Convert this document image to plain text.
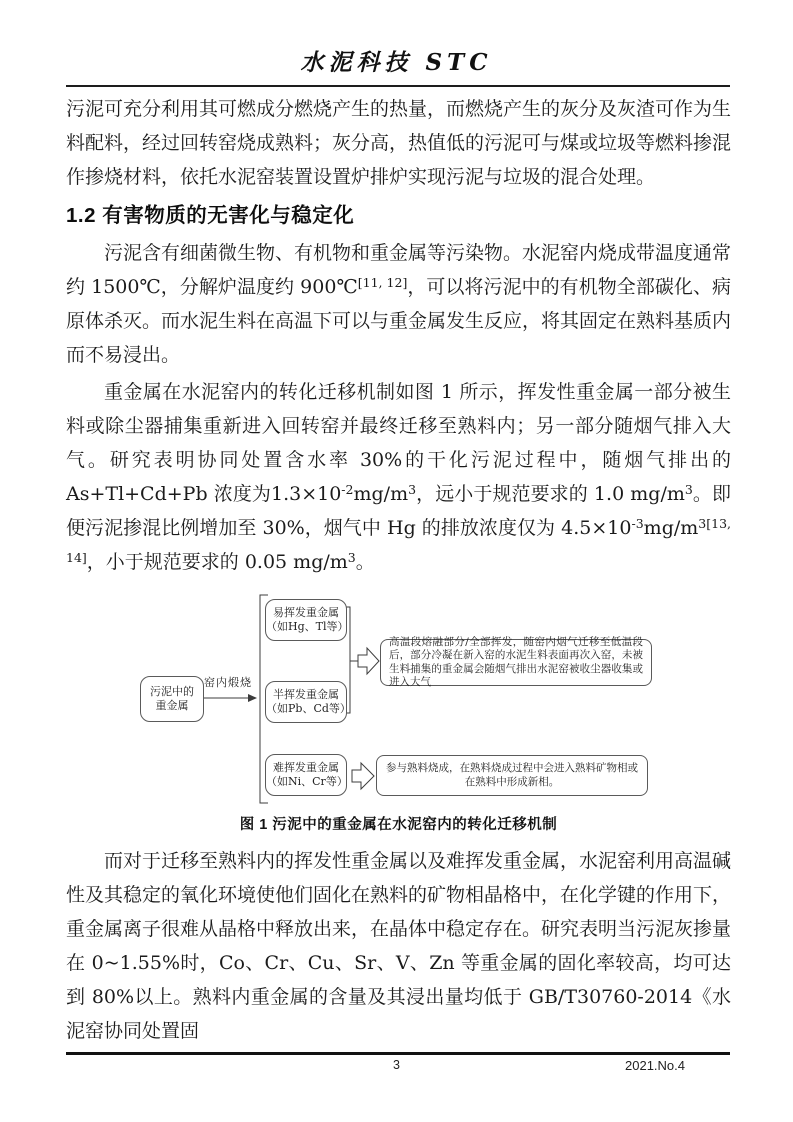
水泥科技 STC

污泥可充分利用其可燃成分燃烧产生的热量，而燃烧产生的灰分及灰渣可作为生料配料，经过回转窑烧成熟料；灰分高，热值低的污泥可与煤或垃圾等燃料掺混作掺烧材料，依托水泥窑装置设置炉排炉实现污泥与垃圾的混合处理。

1.2 有害物质的无害化与稳定化

污泥含有细菌微生物、有机物和重金属等污染物。水泥窑内烧成带温度通常约 1500℃，分解炉温度约 900℃[11, 12]，可以将污泥中的有机物全部碳化、病原体杀灭。而水泥生料在高温下可以与重金属发生反应，将其固定在熟料基质内而不易浸出。

重金属在水泥窑内的转化迁移机制如图 1 所示，挥发性重金属一部分被生料或除尘器捕集重新进入回转窑并最终迁移至熟料内；另一部分随烟气排入大气。研究表明协同处置含水率 30%的干化污泥过程中，随烟气排出的 As+Tl+Cd+Pb 浓度为$1.3\times 10^{-2}mg/m^3$，远小于规范要求的 1.0 $mg/m^3$。即便污泥掺混比例增加至 30%，烟气中 Hg 的排放浓度仅为 $4.5\times 10^{-3}mg/m^{3[13, 14]}$，小于规范要求的 0.05 $mg/m^3$。

污泥中的
重金属
窑内煅烧
易挥发重金属
（如Hg、Tl等）
半挥发重金属
（如Pb、Cd等）
难挥发重金属
（如Ni、Cr等）
高温段熔融部分/全部挥发，随窑内烟气迁移至低温段后，部分冷凝在新入窑的水泥生料表面再次入窑，未被生料捕集的重金属会随烟气排出水泥窑被收尘器收集或进入大气
参与熟料烧成，在熟料烧成过程中会进入熟料矿物相或在熟料中形成新相。
图 1 污泥中的重金属在水泥窑内的转化迁移机制

而对于迁移至熟料内的挥发性重金属以及难挥发重金属，水泥窑利用高温碱性及其稳定的氧化环境使他们固化在熟料的矿物相晶格中，在化学键的作用下，重金属离子很难从晶格中释放出来，在晶体中稳定存在。研究表明当污泥灰掺量在 0~1.55%时，Co、Cr、Cu、Sr、V、Zn 等重金属的固化率较高，均可达到 80%以上。熟料内重金属的含量及其浸出量均低于 GB/T30760-2014《水泥窑协同处置固

3	2021.No.4
